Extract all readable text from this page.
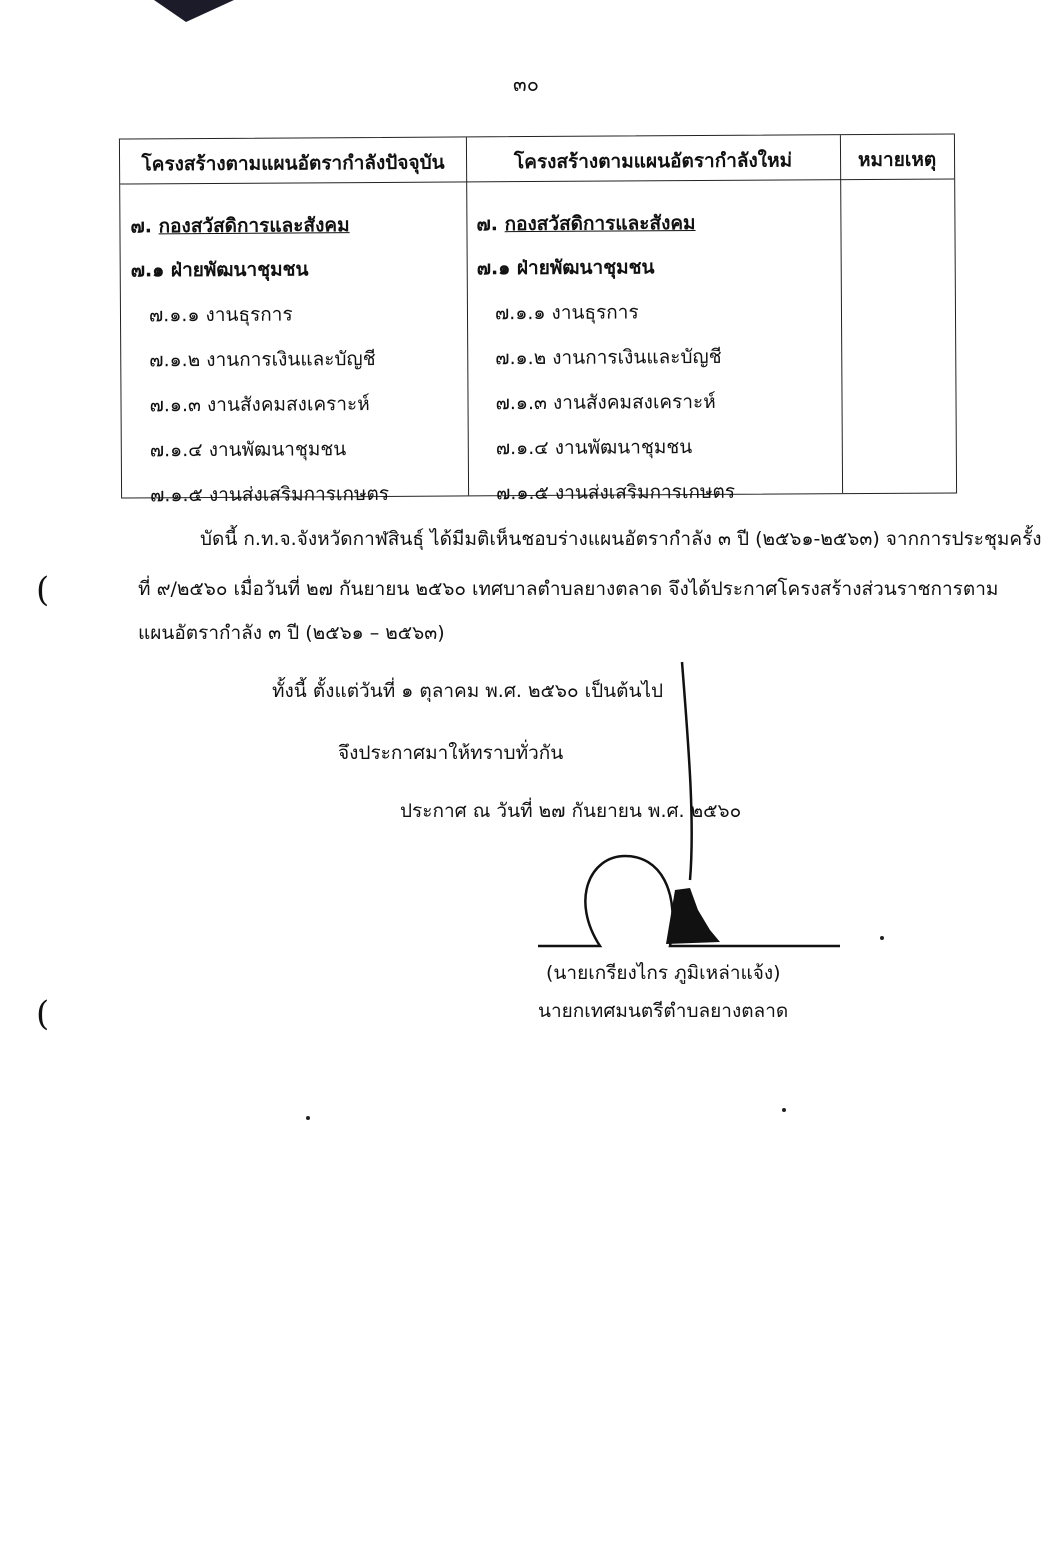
๓๐
โครงสร้างตามแผนอัตรากำลังปัจจุบัน	โครงสร้างตามแผนอัตรากำลังใหม่	หมายเหตุ
๗. กองสวัสดิการและสังคม
๗.๑ ฝ่ายพัฒนาชุมชน
๗.๑.๑ งานธุรการ
๗.๑.๒ งานการเงินและบัญชี
๗.๑.๓ งานสังคมสงเคราะห์
๗.๑.๔ งานพัฒนาชุมชน
๗.๑.๕ งานส่งเสริมการเกษตร
๗. กองสวัสดิการและสังคม
๗.๑ ฝ่ายพัฒนาชุมชน
๗.๑.๑ งานธุรการ
๗.๑.๒ งานการเงินและบัญชี
๗.๑.๓ งานสังคมสงเคราะห์
๗.๑.๔ งานพัฒนาชุมชน
๗.๑.๕ งานส่งเสริมการเกษตร
บัดนี้ ก.ท.จ.จังหวัดกาฬสินธุ์ ได้มีมติเห็นชอบร่างแผนอัตรากำลัง ๓ ปี (๒๕๖๑-๒๕๖๓) จากการประชุมครั้ง
ที่ ๙/๒๕๖๐ เมื่อวันที่ ๒๗ กันยายน ๒๕๖๐ เทศบาลตำบลยางตลาด จึงได้ประกาศโครงสร้างส่วนราชการตาม
แผนอัตรากำลัง ๓ ปี (๒๕๖๑ – ๒๕๖๓)
ทั้งนี้ ตั้งแต่วันที่ ๑ ตุลาคม พ.ศ. ๒๕๖๐ เป็นต้นไป
จึงประกาศมาให้ทราบทั่วกัน
ประกาศ ณ วันที่ ๒๗ กันยายน พ.ศ. ๒๕๖๐
(นายเกรียงไกร ภูมิเหล่าแจ้ง)
นายกเทศมนตรีตำบลยางตลาด
(
(
